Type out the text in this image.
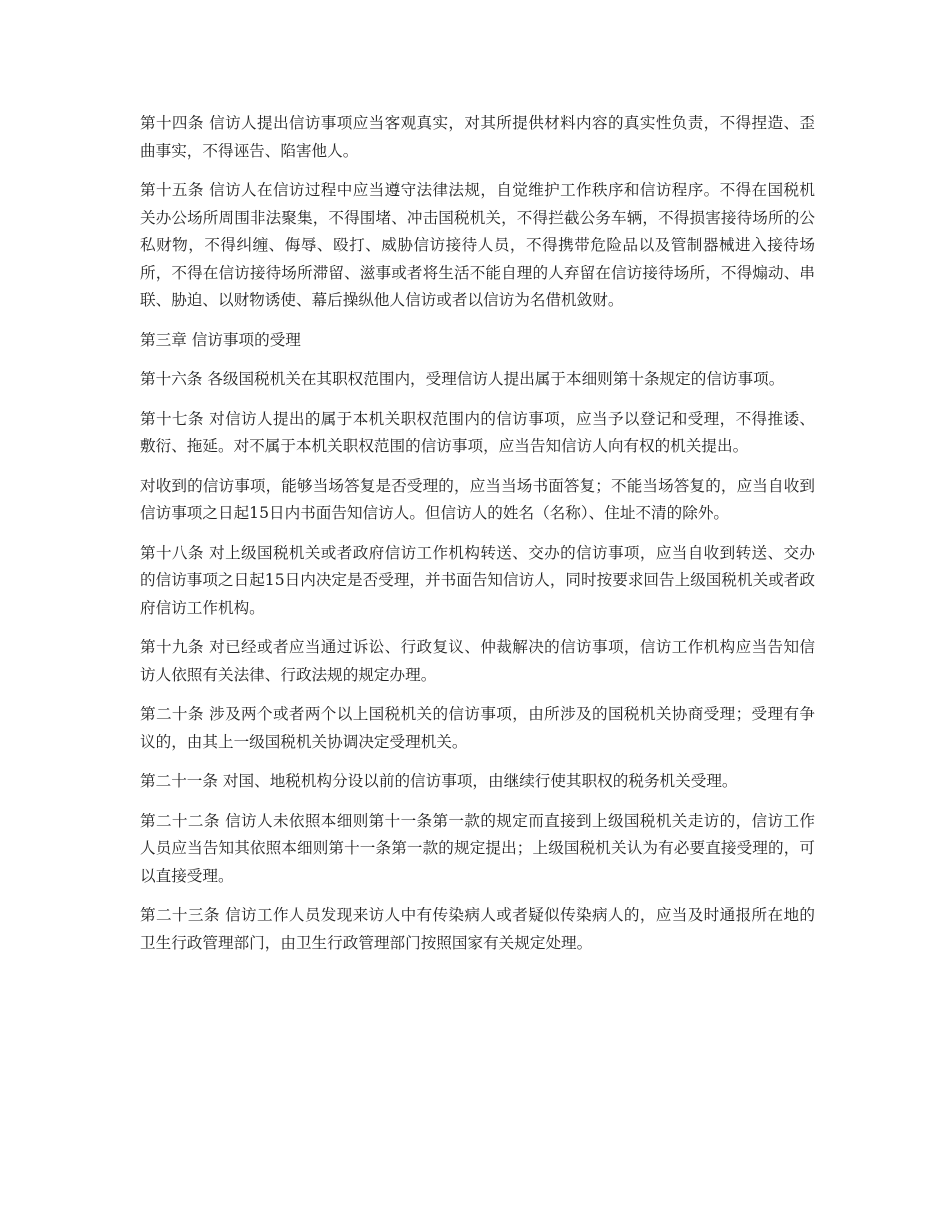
第十四条 信访人提出信访事项应当客观真实，对其所提供材料内容的真实性负责，不得捏造、歪曲事实，不得诬告、陷害他人。

第十五条 信访人在信访过程中应当遵守法律法规，自觉维护工作秩序和信访程序。不得在国税机关办公场所周围非法聚集，不得围堵、冲击国税机关，不得拦截公务车辆，不得损害接待场所的公私财物，不得纠缠、侮辱、殴打、威胁信访接待人员，不得携带危险品以及管制器械进入接待场所，不得在信访接待场所滞留、滋事或者将生活不能自理的人弃留在信访接待场所，不得煽动、串联、胁迫、以财物诱使、幕后操纵他人信访或者以信访为名借机敛财。

第三章 信访事项的受理

第十六条 各级国税机关在其职权范围内，受理信访人提出属于本细则第十条规定的信访事项。

第十七条 对信访人提出的属于本机关职权范围内的信访事项，应当予以登记和受理，不得推诿、敷衍、拖延。对不属于本机关职权范围的信访事项，应当告知信访人向有权的机关提出。

对收到的信访事项，能够当场答复是否受理的，应当当场书面答复；不能当场答复的，应当自收到信访事项之日起15日内书面告知信访人。但信访人的姓名（名称）、住址不清的除外。

第十八条 对上级国税机关或者政府信访工作机构转送、交办的信访事项，应当自收到转送、交办的信访事项之日起15日内决定是否受理，并书面告知信访人，同时按要求回告上级国税机关或者政府信访工作机构。

第十九条 对已经或者应当通过诉讼、行政复议、仲裁解决的信访事项，信访工作机构应当告知信访人依照有关法律、行政法规的规定办理。

第二十条 涉及两个或者两个以上国税机关的信访事项，由所涉及的国税机关协商受理；受理有争议的，由其上一级国税机关协调决定受理机关。

第二十一条 对国、地税机构分设以前的信访事项，由继续行使其职权的税务机关受理。

第二十二条 信访人未依照本细则第十一条第一款的规定而直接到上级国税机关走访的，信访工作人员应当告知其依照本细则第十一条第一款的规定提出；上级国税机关认为有必要直接受理的，可以直接受理。

第二十三条 信访工作人员发现来访人中有传染病人或者疑似传染病人的，应当及时通报所在地的卫生行政管理部门，由卫生行政管理部门按照国家有关规定处理。
